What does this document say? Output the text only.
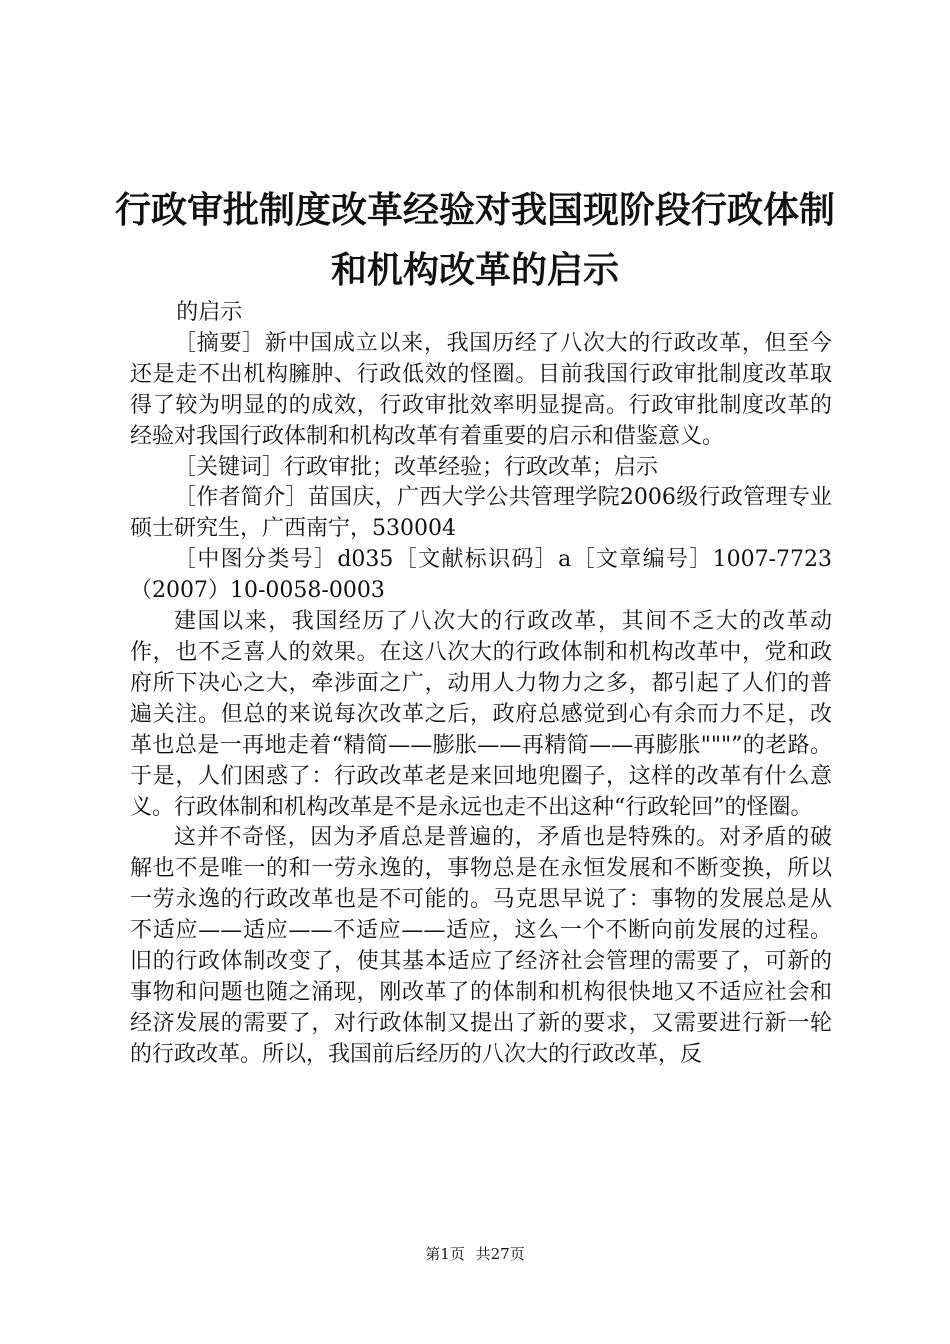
行政审批制度改革经验对我国现阶段行政体制
和机构改革的启示

的启示

［摘要］新中国成立以来，我国历经了八次大的行政改革，但至今还是走不出机构臃肿、行政低效的怪圈。目前我国行政审批制度改革取得了较为明显的的成效，行政审批效率明显提高。行政审批制度改革的经验对我国行政体制和机构改革有着重要的启示和借鉴意义。

［关键词］行政审批；改革经验；行政改革；启示

［作者简介］苗国庆，广西大学公共管理学院2006级行政管理专业硕士研究生，广西南宁，530004

［中图分类号］d035［文献标识码］a［文章编号］1007-7723（2007）10-0058-0003

建国以来，我国经历了八次大的行政改革，其间不乏大的改革动作，也不乏喜人的效果。在这八次大的行政体制和机构改革中，党和政府所下决心之大，牵涉面之广，动用人力物力之多，都引起了人们的普遍关注。但总的来说每次改革之后，政府总感觉到心有余而力不足，改革也总是一再地走着“精简——膨胀——再精简——再膨胀"""”的老路。于是，人们困惑了：行政改革老是来回地兜圈子，这样的改革有什么意义。行政体制和机构改革是不是永远也走不出这种“行政轮回”的怪圈。

这并不奇怪，因为矛盾总是普遍的，矛盾也是特殊的。对矛盾的破解也不是唯一的和一劳永逸的，事物总是在永恒发展和不断变换，所以一劳永逸的行政改革也是不可能的。马克思早说了：事物的发展总是从不适应——适应——不适应——适应，这么一个不断向前发展的过程。旧的行政体制改变了，使其基本适应了经济社会管理的需要了，可新的事物和问题也随之涌现，刚改革了的体制和机构很快地又不适应社会和经济发展的需要了，对行政体制又提出了新的要求，又需要进行新一轮的行政改革。所以，我国前后经历的八次大的行政改革，反

第1页 共27页
